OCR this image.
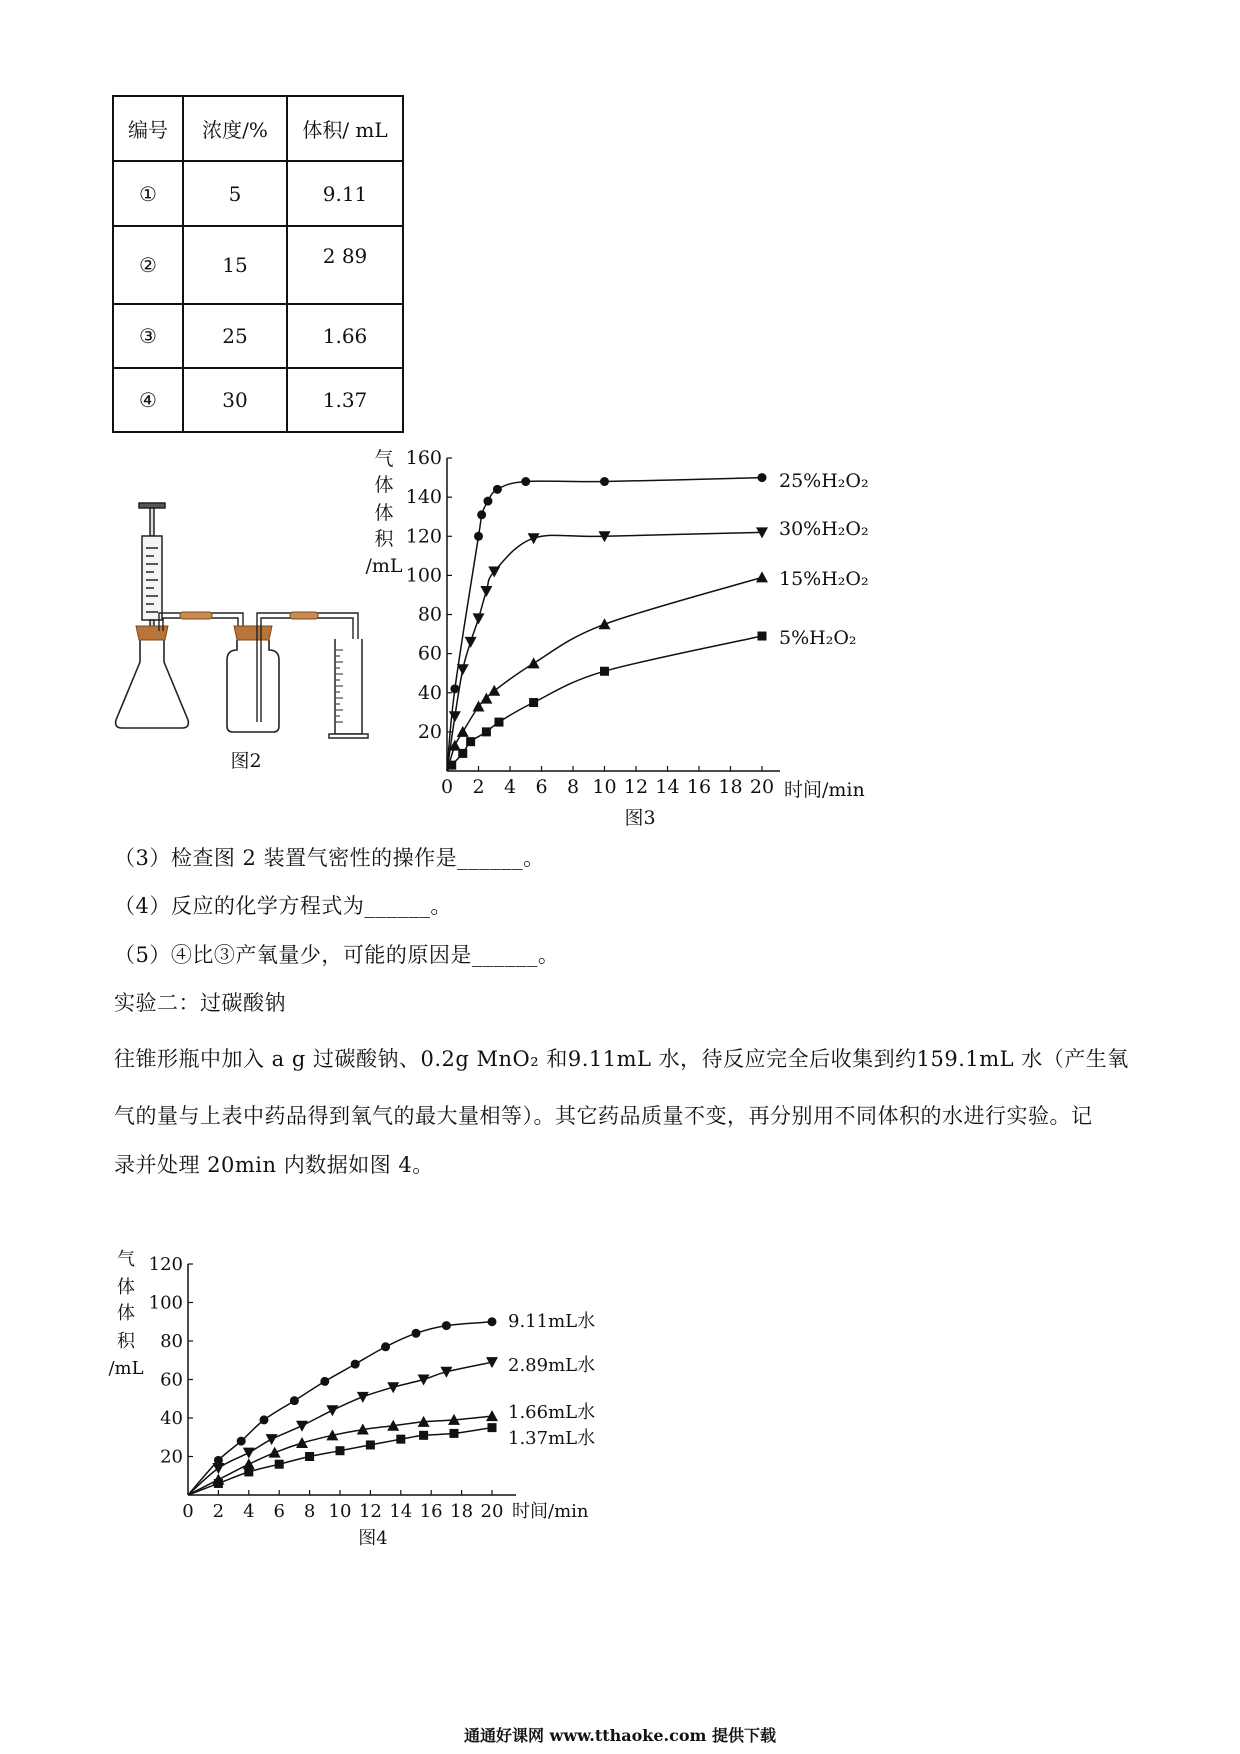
编号	浓度/%	体积/ mL
①	5	9.11
②	15	2 89
③	25	1.66
④	30	1.37
图2
20
40
60
80
100
120
140
160
0 2 4 6 8 10 12 14 16 18 20
气
体
体
积
/mL
时间/min
图3
25%H₂O₂
30%H₂O₂
15%H₂O₂
5%H₂O₂
（3）检查图 2 装置气密性的操作是______。
（4）反应的化学方程式为______。
（5）④比③产氧量少，可能的原因是______。
实验二：过碳酸钠
往锥形瓶中加入 a g 过碳酸钠、0.2g MnO₂ 和9.11mL 水，待反应完全后收集到约159.1mL 水（产生氧
气的量与上表中药品得到氧气的最大量相等）。其它药品质量不变，再分别用不同体积的水进行实验。记
录并处理 20min 内数据如图 4。
20
40
60
80
100
120
0 2 4 6 8 10 12 14 16 18 20
气
体
体
积
/mL
时间/min
图4
9.11mL水
2.89mL水
1.66mL水
1.37mL水
通通好课网 www.tthaoke.com 提供下载
